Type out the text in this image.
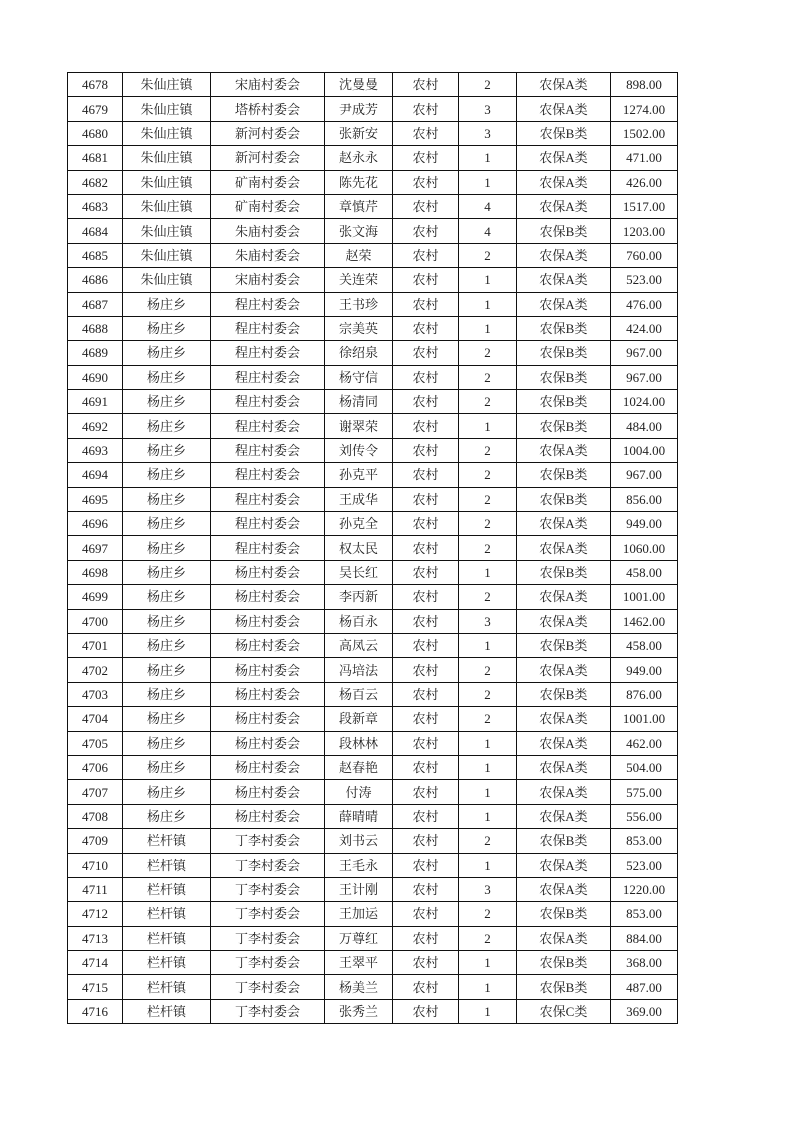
4678	朱仙庄镇	宋庙村委会	沈曼曼	农村	2	农保A类	898.00
4679	朱仙庄镇	塔桥村委会	尹成芳	农村	3	农保A类	1274.00
4680	朱仙庄镇	新河村委会	张新安	农村	3	农保B类	1502.00
4681	朱仙庄镇	新河村委会	赵永永	农村	1	农保A类	471.00
4682	朱仙庄镇	矿南村委会	陈先花	农村	1	农保A类	426.00
4683	朱仙庄镇	矿南村委会	章慎芹	农村	4	农保A类	1517.00
4684	朱仙庄镇	朱庙村委会	张文海	农村	4	农保B类	1203.00
4685	朱仙庄镇	朱庙村委会	赵荣	农村	2	农保A类	760.00
4686	朱仙庄镇	宋庙村委会	关连荣	农村	1	农保A类	523.00
4687	杨庄乡	程庄村委会	王书珍	农村	1	农保A类	476.00
4688	杨庄乡	程庄村委会	宗美英	农村	1	农保B类	424.00
4689	杨庄乡	程庄村委会	徐绍泉	农村	2	农保B类	967.00
4690	杨庄乡	程庄村委会	杨守信	农村	2	农保B类	967.00
4691	杨庄乡	程庄村委会	杨清同	农村	2	农保B类	1024.00
4692	杨庄乡	程庄村委会	谢翠荣	农村	1	农保B类	484.00
4693	杨庄乡	程庄村委会	刘传令	农村	2	农保A类	1004.00
4694	杨庄乡	程庄村委会	孙克平	农村	2	农保B类	967.00
4695	杨庄乡	程庄村委会	王成华	农村	2	农保B类	856.00
4696	杨庄乡	程庄村委会	孙克全	农村	2	农保A类	949.00
4697	杨庄乡	程庄村委会	权太民	农村	2	农保A类	1060.00
4698	杨庄乡	杨庄村委会	吴长红	农村	1	农保B类	458.00
4699	杨庄乡	杨庄村委会	李丙新	农村	2	农保A类	1001.00
4700	杨庄乡	杨庄村委会	杨百永	农村	3	农保A类	1462.00
4701	杨庄乡	杨庄村委会	高凤云	农村	1	农保B类	458.00
4702	杨庄乡	杨庄村委会	冯培法	农村	2	农保A类	949.00
4703	杨庄乡	杨庄村委会	杨百云	农村	2	农保B类	876.00
4704	杨庄乡	杨庄村委会	段新章	农村	2	农保A类	1001.00
4705	杨庄乡	杨庄村委会	段林林	农村	1	农保A类	462.00
4706	杨庄乡	杨庄村委会	赵春艳	农村	1	农保A类	504.00
4707	杨庄乡	杨庄村委会	付涛	农村	1	农保A类	575.00
4708	杨庄乡	杨庄村委会	薛晴晴	农村	1	农保A类	556.00
4709	栏杆镇	丁李村委会	刘书云	农村	2	农保B类	853.00
4710	栏杆镇	丁李村委会	王毛永	农村	1	农保A类	523.00
4711	栏杆镇	丁李村委会	王计刚	农村	3	农保A类	1220.00
4712	栏杆镇	丁李村委会	王加运	农村	2	农保B类	853.00
4713	栏杆镇	丁李村委会	万尊红	农村	2	农保A类	884.00
4714	栏杆镇	丁李村委会	王翠平	农村	1	农保B类	368.00
4715	栏杆镇	丁李村委会	杨美兰	农村	1	农保B类	487.00
4716	栏杆镇	丁李村委会	张秀兰	农村	1	农保C类	369.00
